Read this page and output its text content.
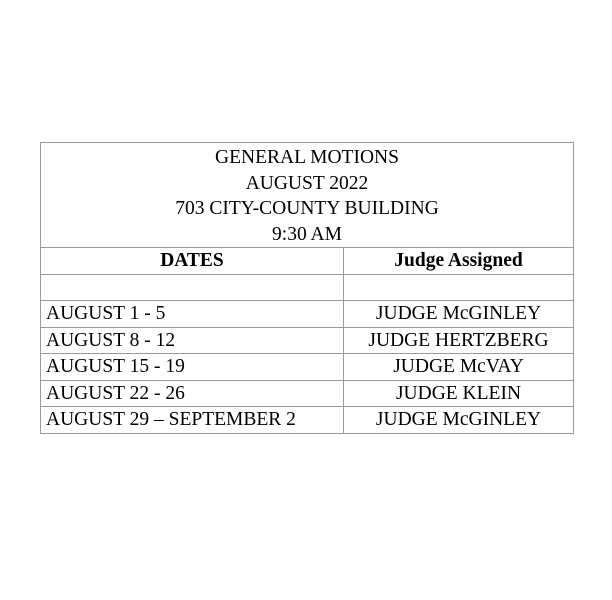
GENERAL MOTIONS
AUGUST 2022
703 CITY-COUNTY BUILDING
9:30 AM	

DATES	Judge Assigned

AUGUST 1 - 5	JUDGE McGINLEY
AUGUST 8 - 12	JUDGE HERTZBERG
AUGUST 15 - 19	JUDGE McVAY
AUGUST 22 - 26	JUDGE KLEIN
AUGUST 29 – SEPTEMBER 2	JUDGE McGINLEY
